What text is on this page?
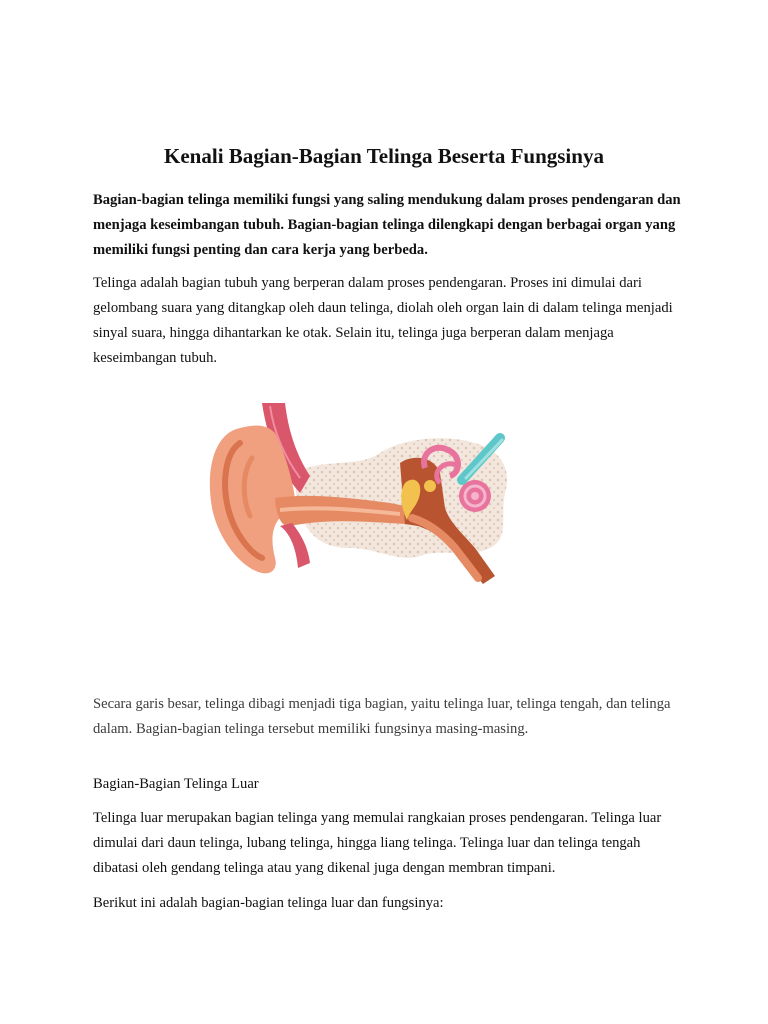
Kenali Bagian-Bagian Telinga Beserta Fungsinya

Bagian-bagian telinga memiliki fungsi yang saling mendukung dalam proses pendengaran dan menjaga keseimbangan tubuh. Bagian-bagian telinga dilengkapi dengan berbagai organ yang memiliki fungsi penting dan cara kerja yang berbeda.

Telinga adalah bagian tubuh yang berperan dalam proses pendengaran. Proses ini dimulai dari gelombang suara yang ditangkap oleh daun telinga, diolah oleh organ lain di dalam telinga menjadi sinyal suara, hingga dihantarkan ke otak. Selain itu, telinga juga berperan dalam menjaga keseimbangan tubuh.

Secara garis besar, telinga dibagi menjadi tiga bagian, yaitu telinga luar, telinga tengah, dan telinga dalam. Bagian-bagian telinga tersebut memiliki fungsinya masing-masing.

Bagian-Bagian Telinga Luar

Telinga luar merupakan bagian telinga yang memulai rangkaian proses pendengaran. Telinga luar dimulai dari daun telinga, lubang telinga, hingga liang telinga. Telinga luar dan telinga tengah dibatasi oleh gendang telinga atau yang dikenal juga dengan membran timpani.

Berikut ini adalah bagian-bagian telinga luar dan fungsinya:
